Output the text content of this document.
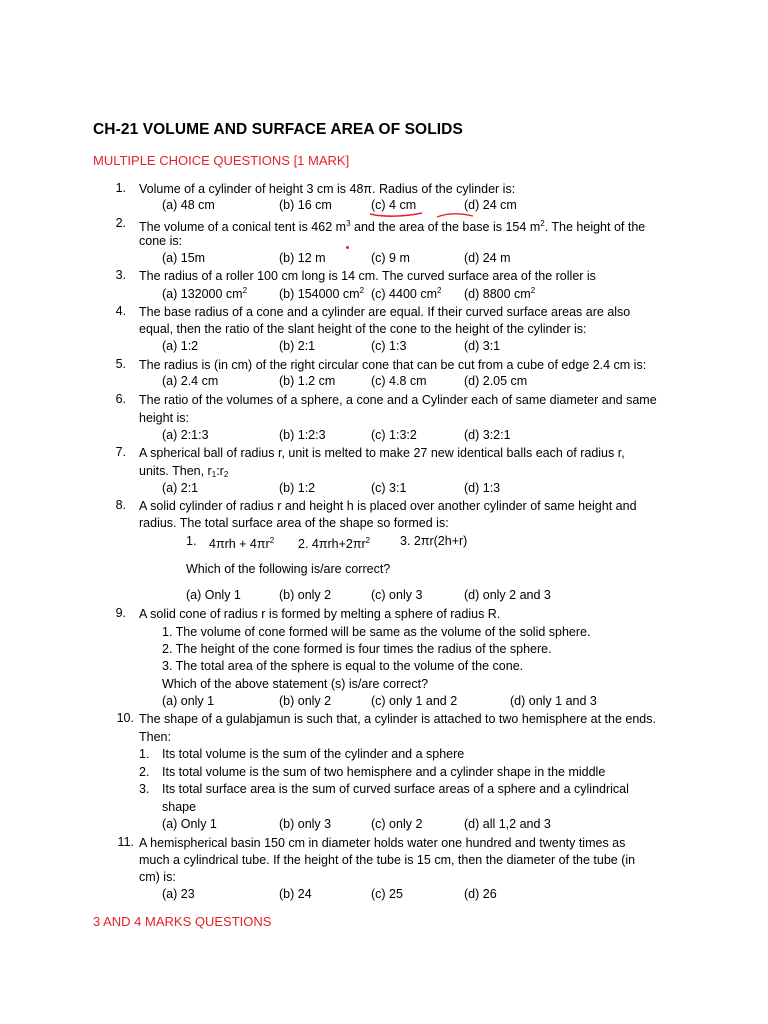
CH-21 VOLUME AND SURFACE AREA OF SOLIDS
MULTIPLE CHOICE QUESTIONS [1 MARK]
1. Volume of a cylinder of height 3 cm is 48π. Radius of the cylinder is:
(a) 48 cm	(b) 16 cm	(c) 4 cm	(d) 24 cm
2. The volume of a conical tent is 462 $m^3$ and the area of the base is 154 $m^2$. The height of the
cone is:
(a) 15m	(b) 12 m	(c) 9 m	(d) 24 m
3. The radius of a roller 100 cm long is 14 cm. The curved surface area of the roller is
(a) 132000 $cm^2$	(b) 154000 $cm^2$ (c) 4400 $cm^2$ (d) 8800 $cm^2$
4. The base radius of a cone and a cylinder are equal. If their curved surface areas are also
equal, then the ratio of the slant height of the cone to the height of the cylinder is:
(a) 1:2	(b) 2:1	(c) 1:3	(d) 3:1
5. The radius is (in cm) of the right circular cone that can be cut from a cube of edge 2.4 cm is:
(a) 2.4 cm	(b) 1.2 cm	(c) 4.8 cm	(d) 2.05 cm
6. The ratio of the volumes of a sphere, a cone and a Cylinder each of same diameter and same
height is:
(a) 2:1:3	(b) 1:2:3	(c) 1:3:2	(d) 3:2:1
7. A spherical ball of radius r, unit is melted to make 27 new identical balls each of radius r,
units. Then, $r_1:r_2$
(a) 2:1	(b) 1:2	(c) 3:1	(d) 1:3
8. A solid cylinder of radius r and height h is placed over another cylinder of same height and
radius. The total surface area of the shape so formed is:
1. $4\pi rh + 4\pi r^2$ 2. $4\pi rh+2\pi r^2$ 3. 2πr(2h+r)
Which of the following is/are correct?
(a) Only 1	(b) only 2	(c) only 3	(d) only 2 and 3
9. A solid cone of radius r is formed by melting a sphere of radius R.
1. The volume of cone formed will be same as the volume of the solid sphere.
2. The height of the cone formed is four times the radius of the sphere.
3. The total area of the sphere is equal to the volume of the cone.
Which of the above statement (s) is/are correct?
(a) only 1	(b) only 2	(c) only 1 and 2	(d) only 1 and 3
10. The shape of a gulabjamun is such that, a cylinder is attached to two hemisphere at the ends.
Then:
1. Its total volume is the sum of the cylinder and a sphere
2. Its total volume is the sum of two hemisphere and a cylinder shape in the middle
3. Its total surface area is the sum of curved surface areas of a sphere and a cylindrical
shape
(a) Only 1	(b) only 3	(c) only 2	(d) all 1,2 and 3
11. A hemispherical basin 150 cm in diameter holds water one hundred and twenty times as
much a cylindrical tube. If the height of the tube is 15 cm, then the diameter of the tube (in
cm) is:
(a) 23	(b) 24	(c) 25	(d) 26
3 AND 4 MARKS QUESTIONS
